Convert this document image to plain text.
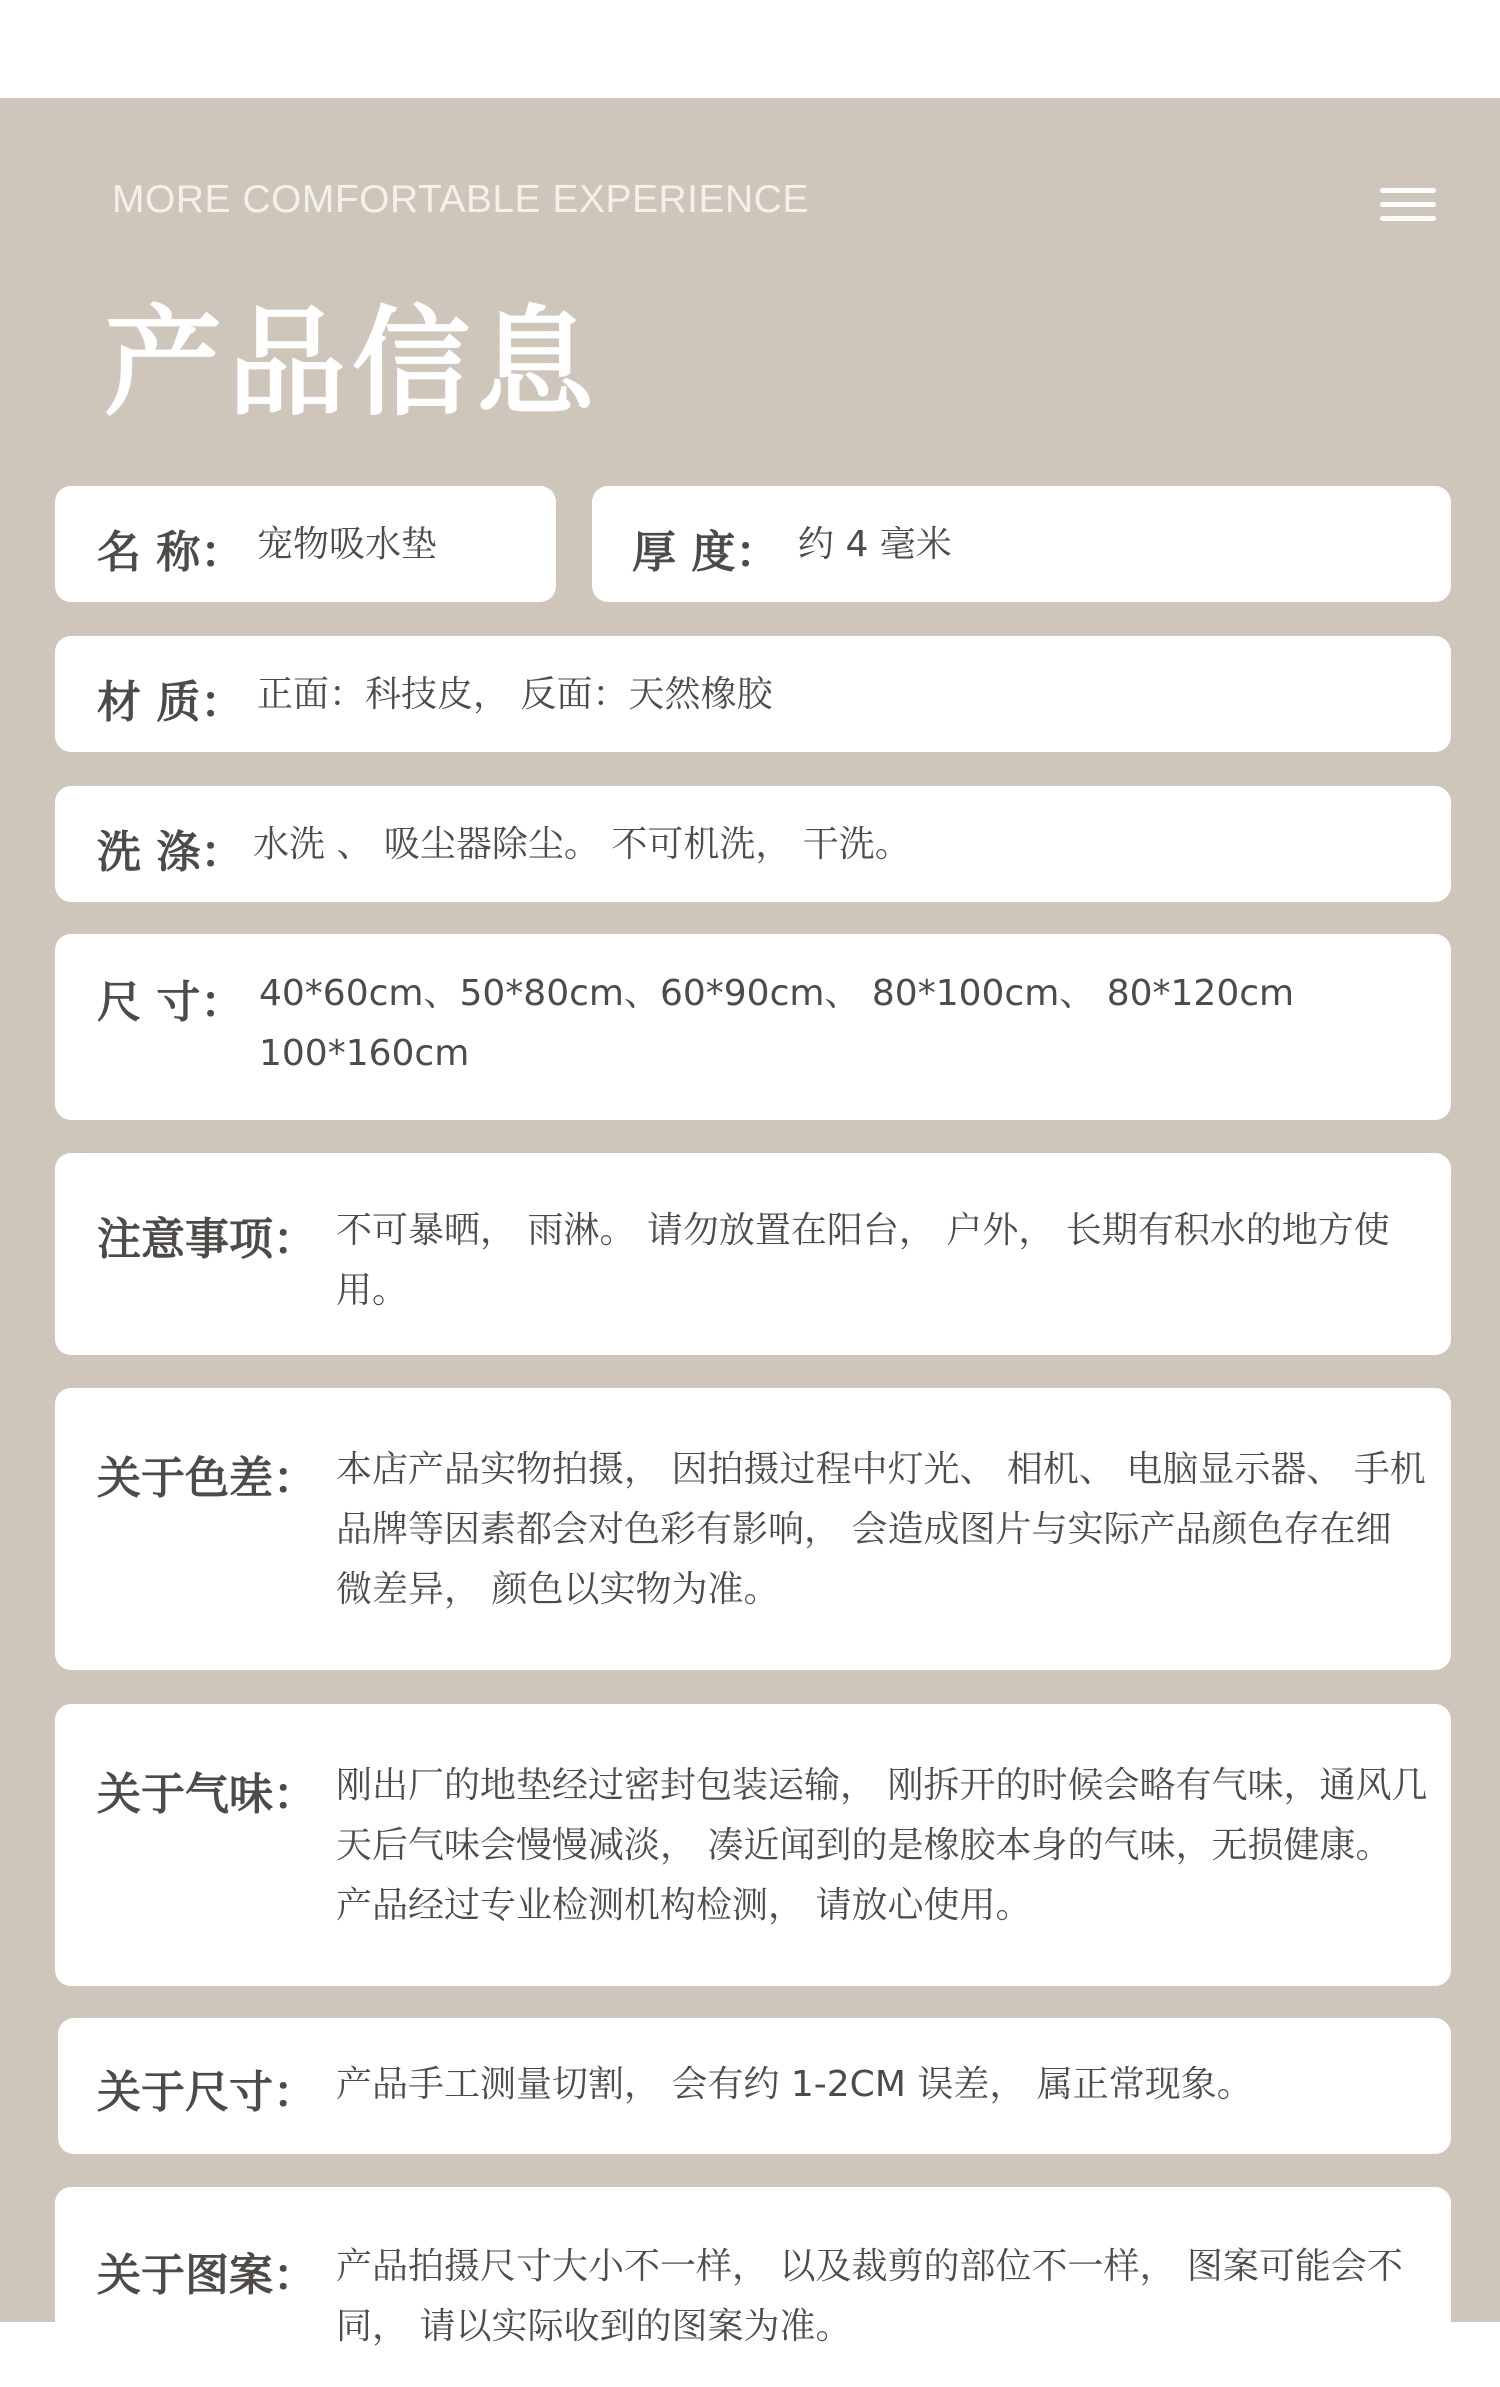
MORE COMFORTABLE EXPERIENCE
产品信息
名 称： 宠物吸水垫	厚 度： 约 4 毫米
材 质： 正面：科技皮， 反面：天然橡胶
洗 涤： 水洗 、 吸尘器除尘。 不可机洗， 干洗。
尺 寸： 40*60cm、50*80cm、60*90cm、 80*100cm、 80*120cm 100*160cm
注意事项： 不可暴晒， 雨淋。 请勿放置在阳台， 户外， 长期有积水的地方使用。
关于色差： 本店产品实物拍摄， 因拍摄过程中灯光、 相机、 电脑显示器、 手机品牌等因素都会对色彩有影响， 会造成图片与实际产品颜色存在细微差异， 颜色以实物为准。
关于气味： 刚出厂的地垫经过密封包装运输， 刚拆开的时候会略有气味，通风几天后气味会慢慢减淡， 凑近闻到的是橡胶本身的气味，无损健康。 产品经过专业检测机构检测， 请放心使用。
关于尺寸： 产品手工测量切割， 会有约 1-2CM 误差， 属正常现象。
关于图案： 产品拍摄尺寸大小不一样， 以及裁剪的部位不一样， 图案可能会不同， 请以实际收到的图案为准。
